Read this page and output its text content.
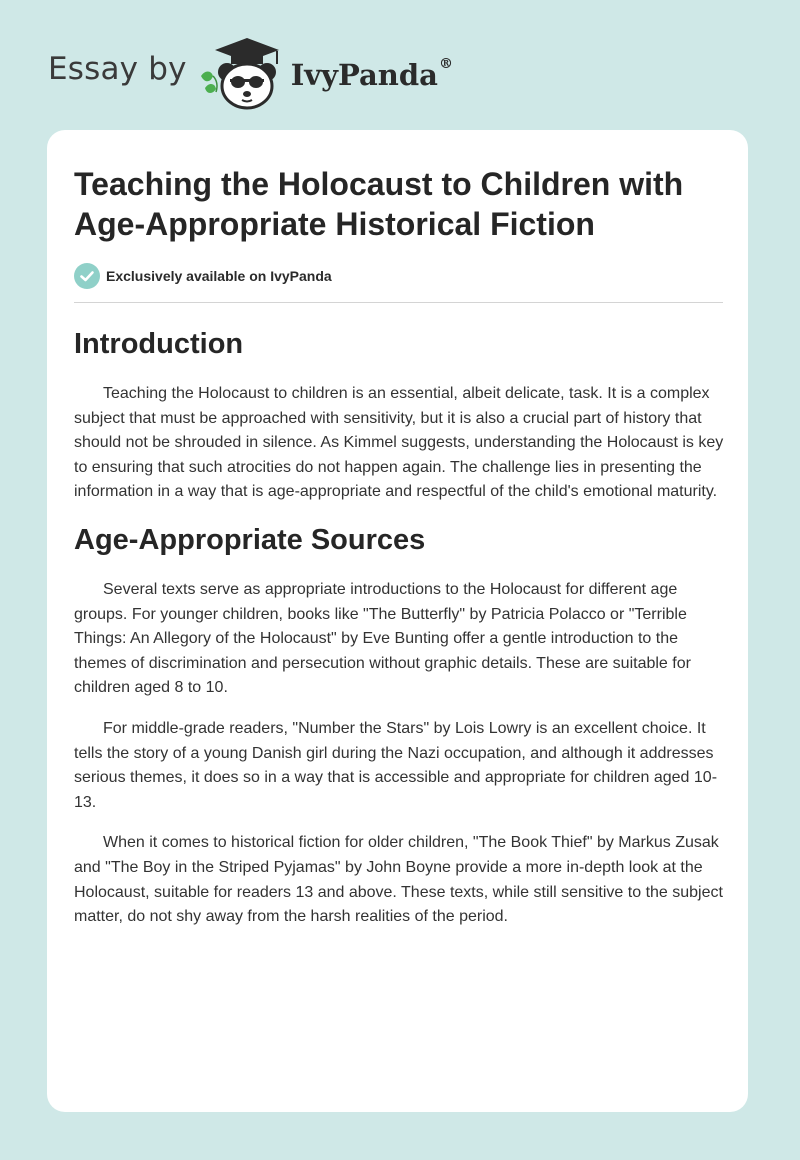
Essay by	IvyPanda®
Teaching the Holocaust to Children with Age-Appropriate Historical Fiction
Exclusively available on IvyPanda
Introduction

Teaching the Holocaust to children is an essential, albeit delicate, task. It is a complex subject that must be approached with sensitivity, but it is also a crucial part of history that should not be shrouded in silence. As Kimmel suggests, understanding the Holocaust is key to ensuring that such atrocities do not happen again. The challenge lies in presenting the information in a way that is age-appropriate and respectful of the child's emotional maturity.

Age-Appropriate Sources

Several texts serve as appropriate introductions to the Holocaust for different age groups. For younger children, books like "The Butterfly" by Patricia Polacco or "Terrible Things: An Allegory of the Holocaust" by Eve Bunting offer a gentle introduction to the themes of discrimination and persecution without graphic details. These are suitable for children aged 8 to 10.

For middle-grade readers, "Number the Stars" by Lois Lowry is an excellent choice. It tells the story of a young Danish girl during the Nazi occupation, and although it addresses serious themes, it does so in a way that is accessible and appropriate for children aged 10-13.

When it comes to historical fiction for older children, "The Book Thief" by Markus Zusak and "The Boy in the Striped Pyjamas" by John Boyne provide a more in-depth look at the Holocaust, suitable for readers 13 and above. These texts, while still sensitive to the subject matter, do not shy away from the harsh realities of the period.
